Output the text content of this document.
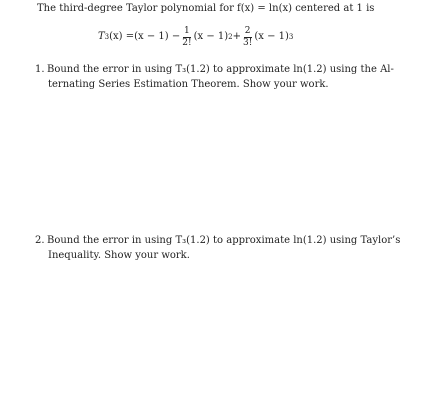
The third-degree Taylor polynomial for f(x) = ln(x) centered at 1 is
T 3 $(x) = (x - 1) - \frac{1}{2!} (x - 1) 2 + \frac{2}{3!} (x - 1)$ 3
1. Bound the error in using T₃(1.2) to approximate ln(1.2) using the Al-
ternating Series Estimation Theorem. Show your work.
2. Bound the error in using T₃(1.2) to approximate ln(1.2) using Taylor’s
Inequality. Show your work.
